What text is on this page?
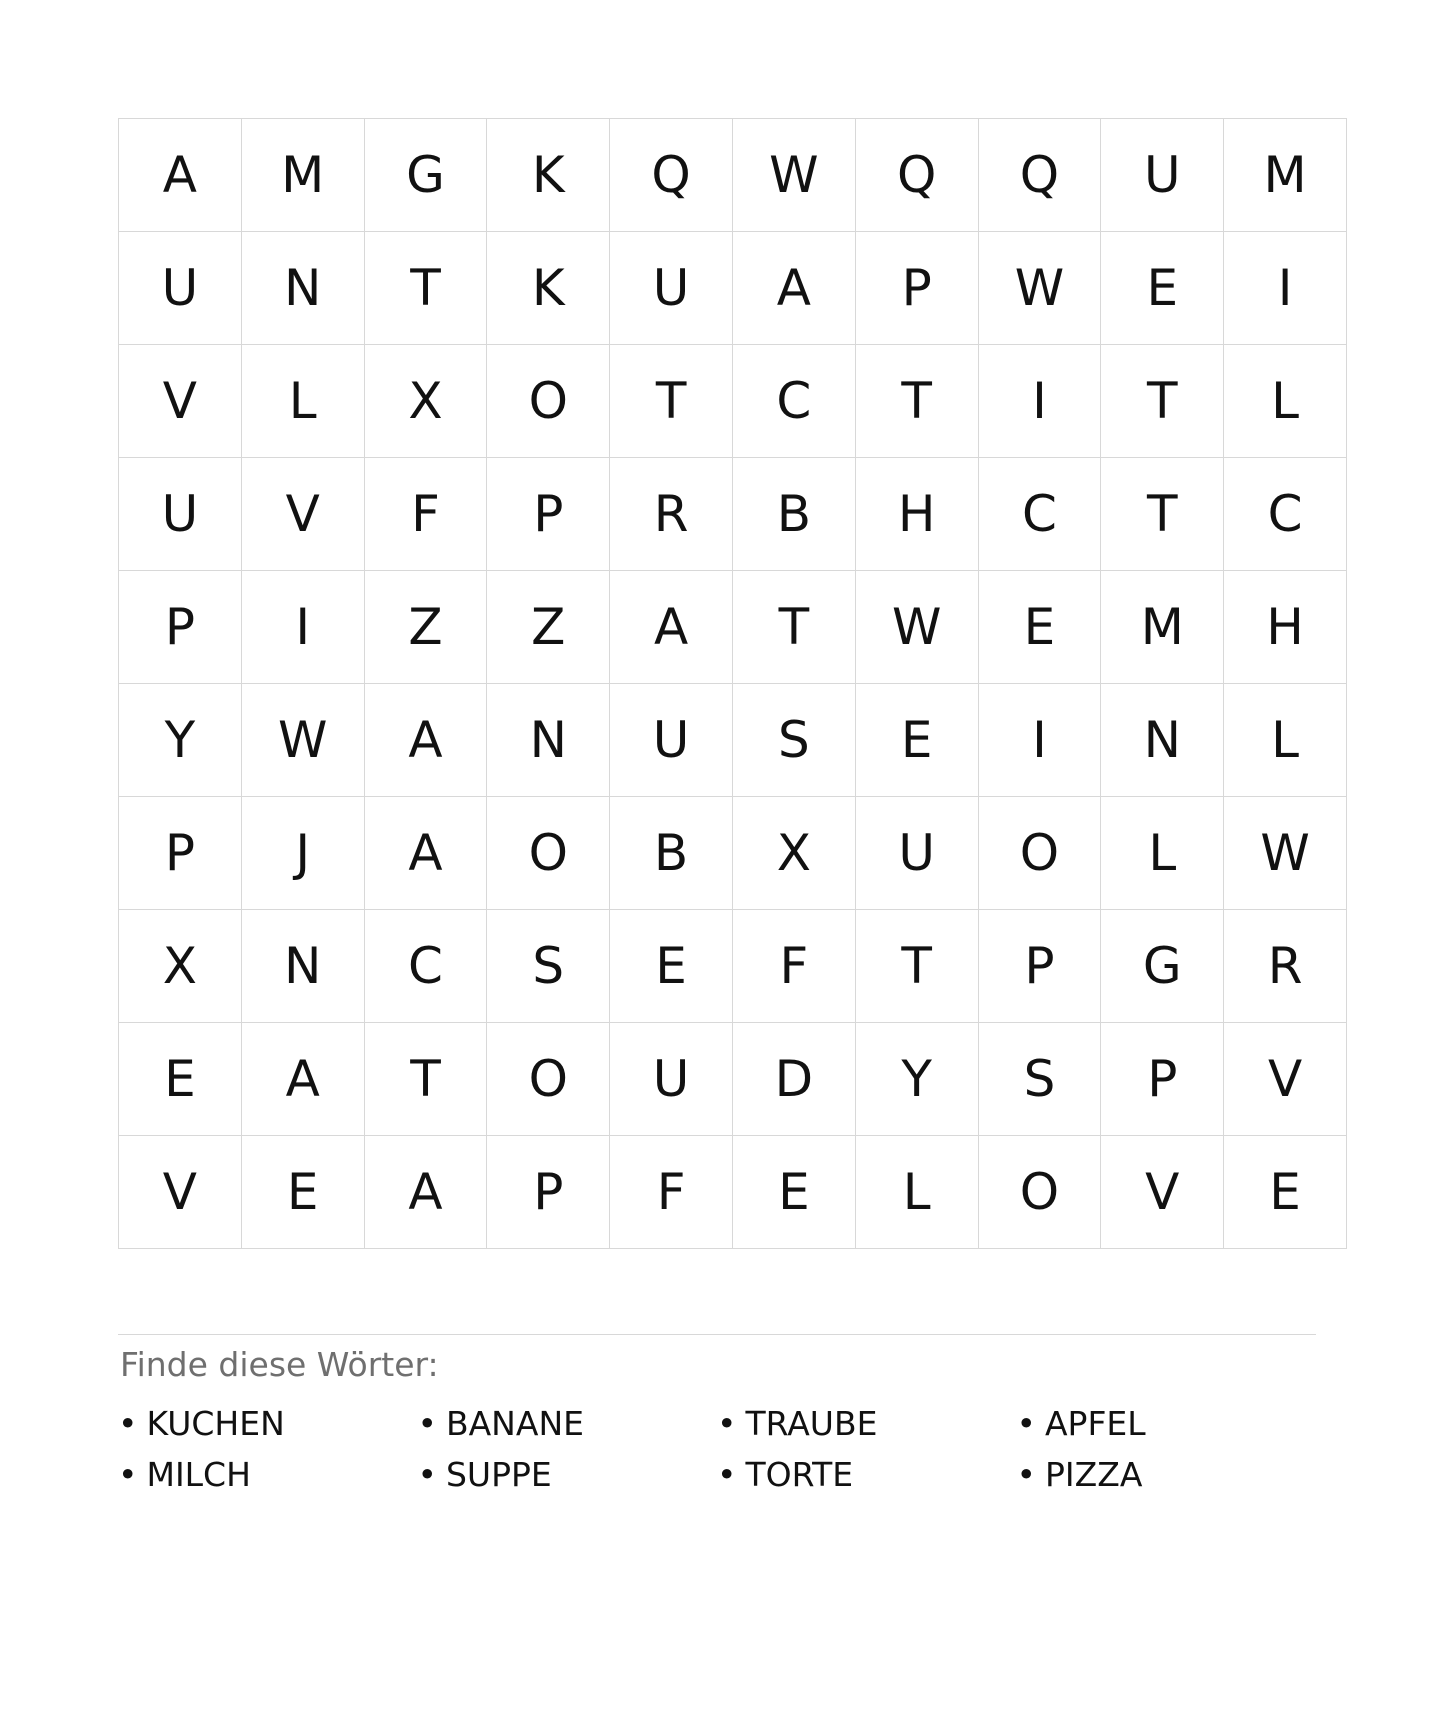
A	M	G	K	Q	W	Q	Q	U	M
U	N	T	K	U	A	P	W	E	I
V	L	X	O	T	C	T	I	T	L
U	V	F	P	R	B	H	C	T	C
P	I	Z	Z	A	T	W	E	M	H
Y	W	A	N	U	S	E	I	N	L
P	J	A	O	B	X	U	O	L	W
X	N	C	S	E	F	T	P	G	R
E	A	T	O	U	D	Y	S	P	V
V	E	A	P	F	E	L	O	V	E
Finde diese Wörter:
• KUCHEN	• BANANE	• TRAUBE	• APFEL
• MILCH	• SUPPE	• TORTE	• PIZZA
